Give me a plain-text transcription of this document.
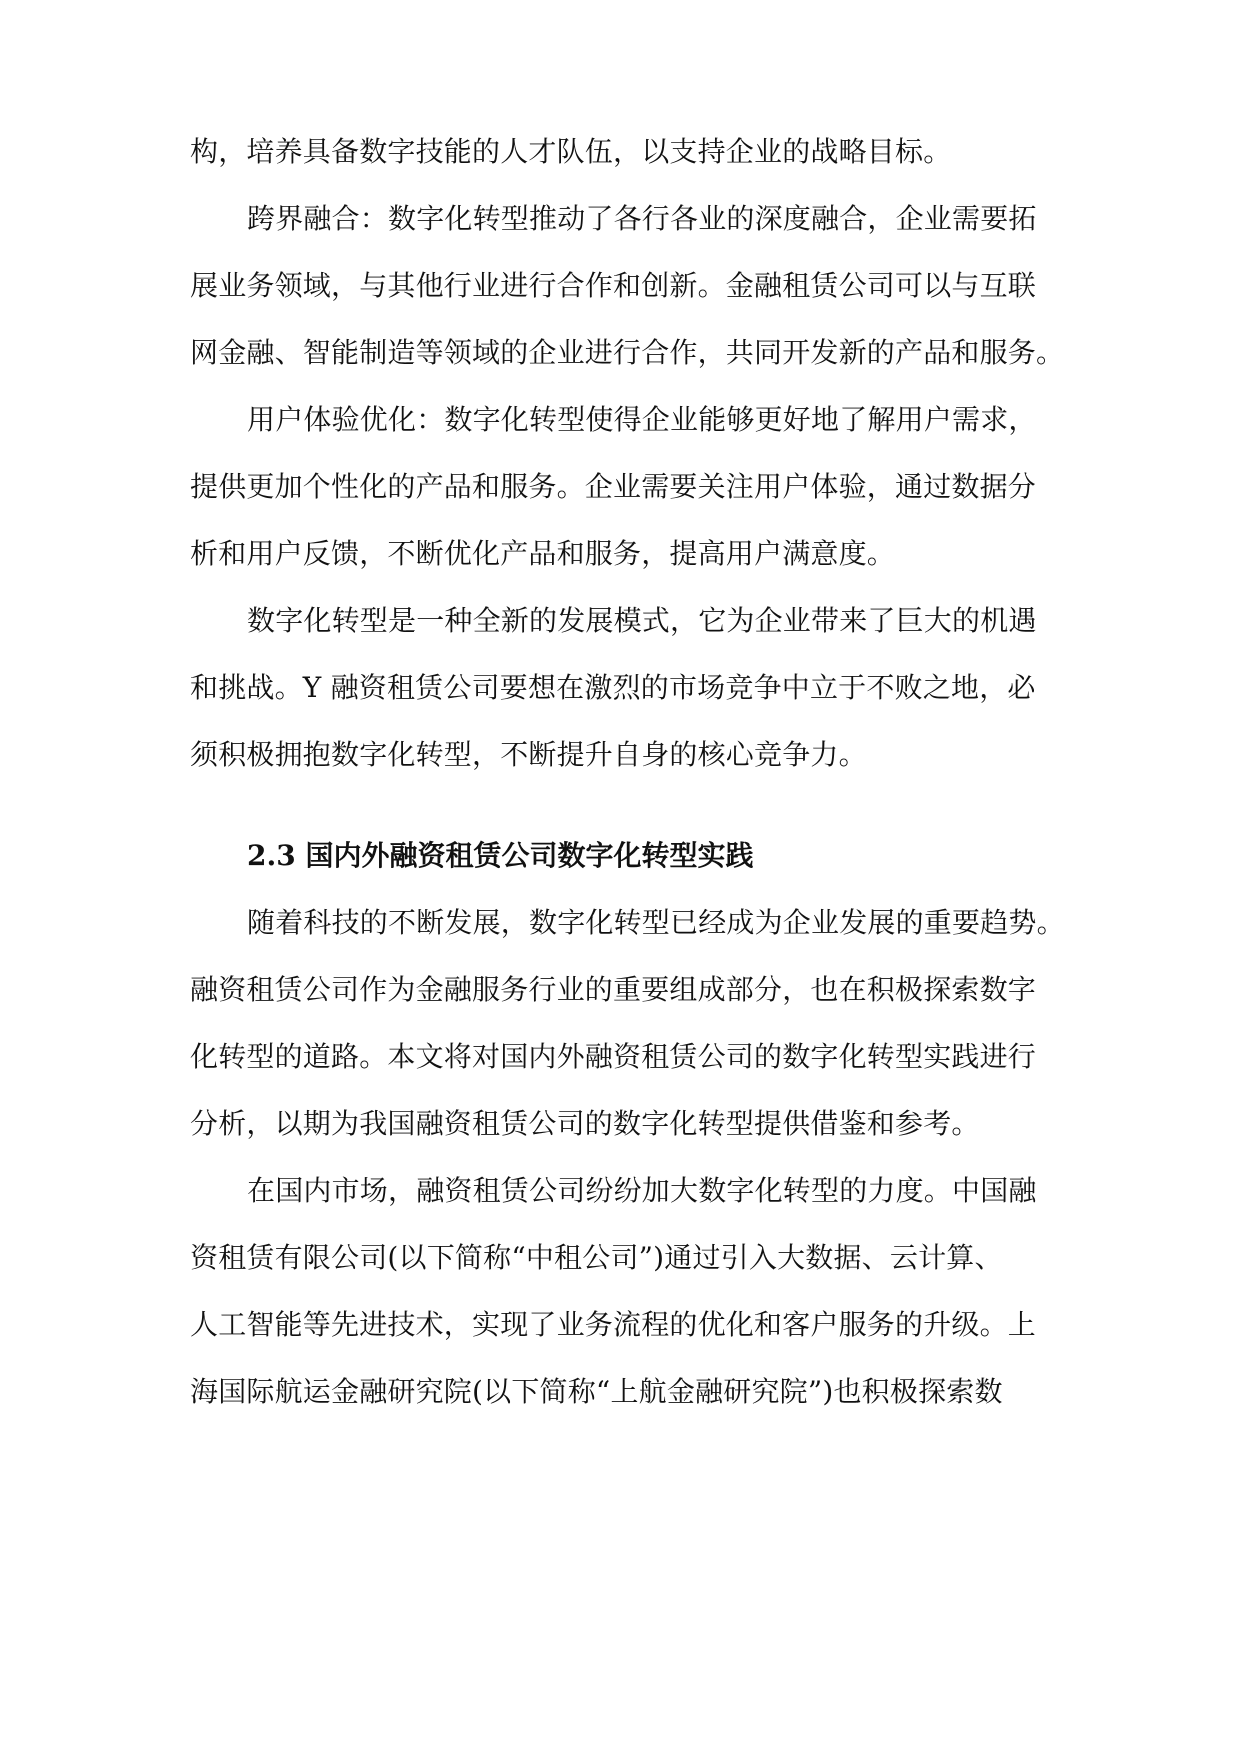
构，培养具备数字技能的人才队伍，以支持企业的战略目标。
跨界融合：数字化转型推动了各行各业的深度融合，企业需要拓
展业务领域，与其他行业进行合作和创新。金融租赁公司可以与互联
网金融、智能制造等领域的企业进行合作，共同开发新的产品和服务。
用户体验优化：数字化转型使得企业能够更好地了解用户需求，
提供更加个性化的产品和服务。企业需要关注用户体验，通过数据分
析和用户反馈，不断优化产品和服务，提高用户满意度。
数字化转型是一种全新的发展模式，它为企业带来了巨大的机遇
和挑战。Y 融资租赁公司要想在激烈的市场竞争中立于不败之地，必
须积极拥抱数字化转型，不断提升自身的核心竞争力。
2.3 国内外融资租赁公司数字化转型实践
随着科技的不断发展，数字化转型已经成为企业发展的重要趋势。
融资租赁公司作为金融服务行业的重要组成部分，也在积极探索数字
化转型的道路。本文将对国内外融资租赁公司的数字化转型实践进行
分析，以期为我国融资租赁公司的数字化转型提供借鉴和参考。
在国内市场，融资租赁公司纷纷加大数字化转型的力度。中国融
资租赁有限公司(以下简称“中租公司”)通过引入大数据、云计算、
人工智能等先进技术，实现了业务流程的优化和客户服务的升级。上
海国际航运金融研究院(以下简称“上航金融研究院”)也积极探索数
